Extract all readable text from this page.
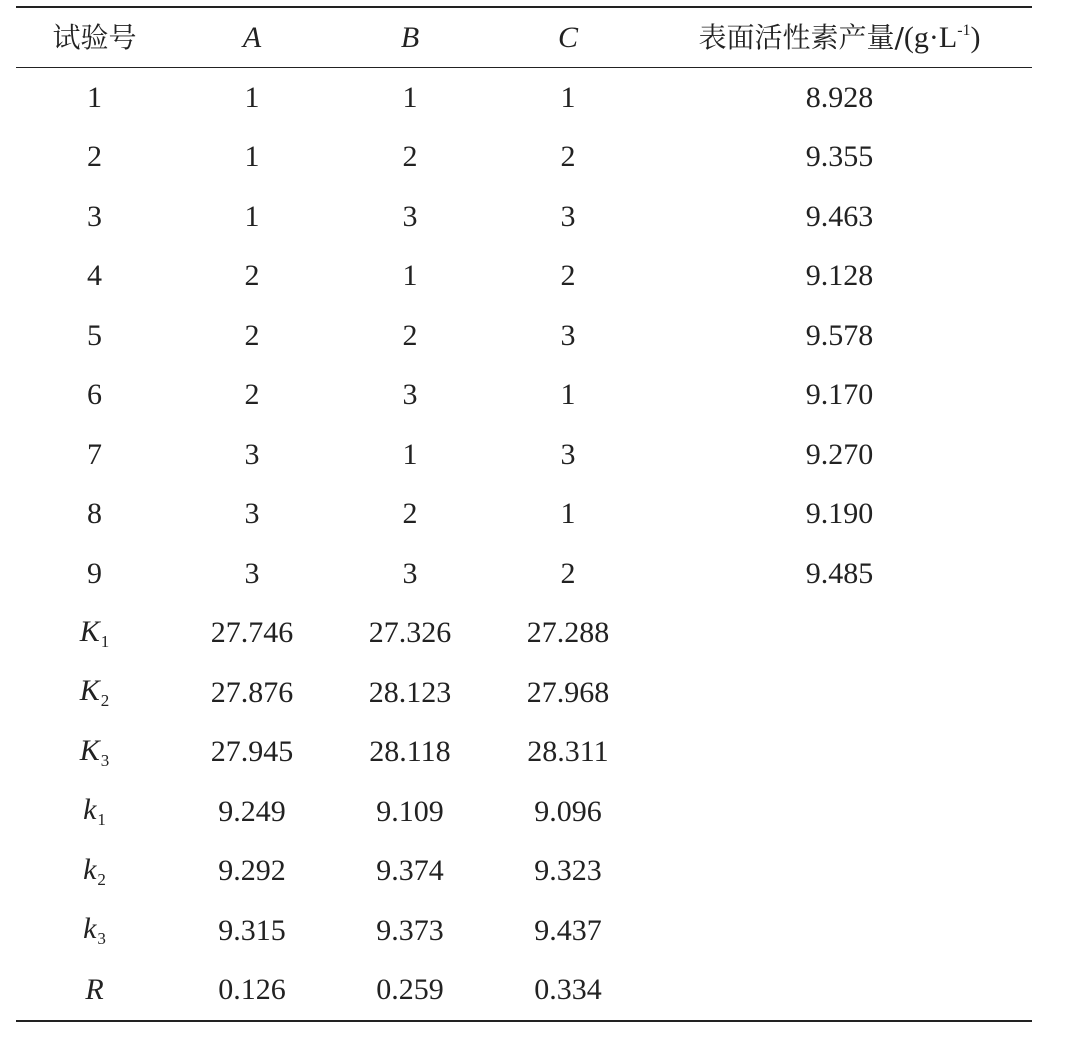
试验号	A	B	C	表面活性素产量$/(g\cdot L^{-1})$
1	1	1	1	8.928
2	1	2	2	9.355
3	1	3	3	9.463
4	2	1	2	9.128
5	2	2	3	9.578
6	2	3	1	9.170
7	3	1	3	9.270
8	3	2	1	9.190
9	3	3	2	9.485
$K_1$	27.746	27.326	27.288
$K_2$	27.876	28.123	27.968
$K_3$	27.945	28.118	28.311
$k_1$	9.249	9.109	9.096
$k_2$	9.292	9.374	9.323
$k_3$	9.315	9.373	9.437
R	0.126	0.259	0.334
